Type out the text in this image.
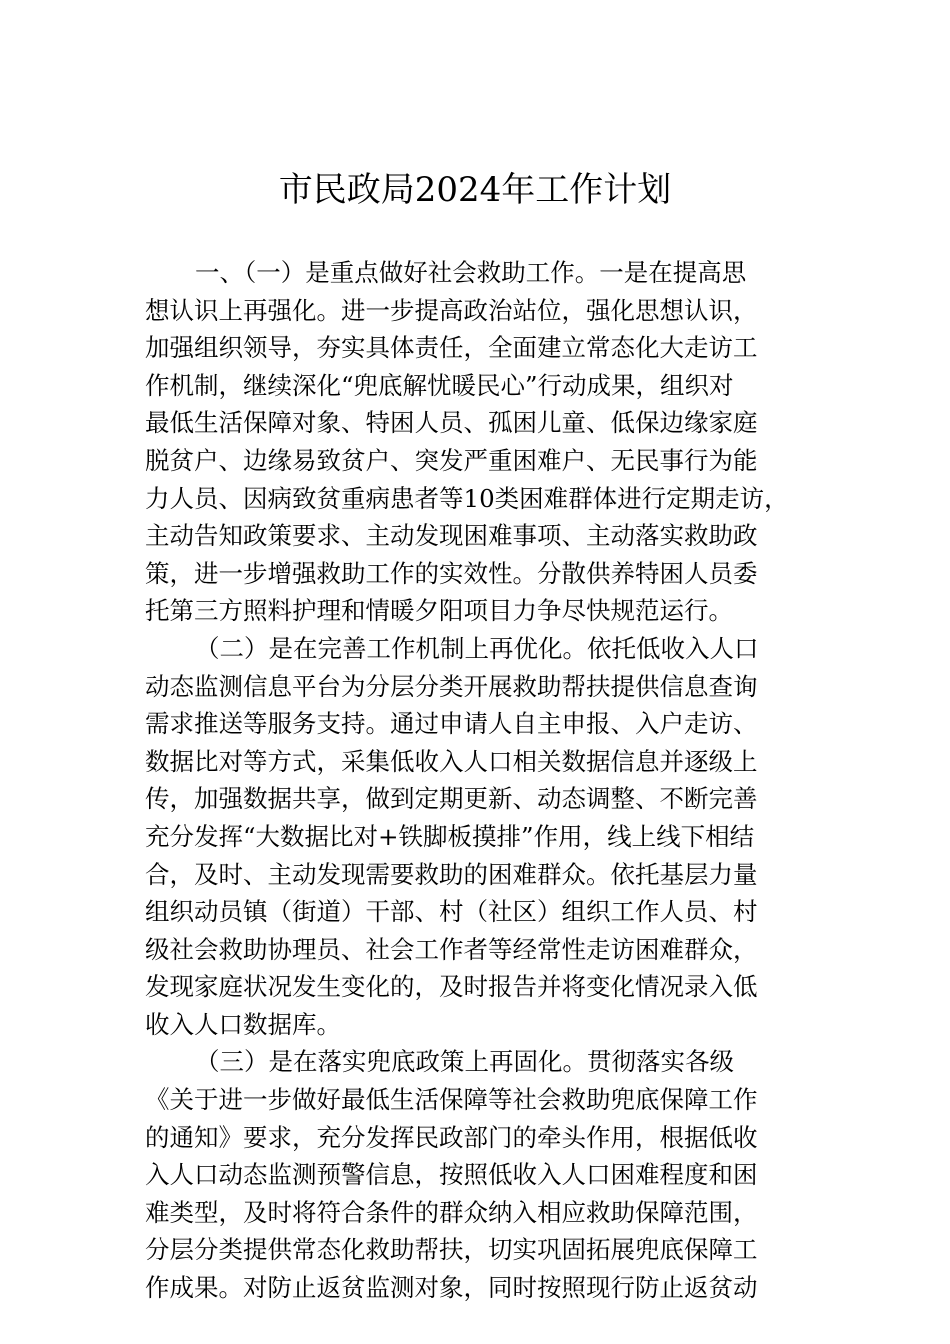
市民政局2024年工作计划
一、（一）是重点做好社会救助工作。一是在提高思
想认识上再强化。进一步提高政治站位，强化思想认识，
加强组织领导，夯实具体责任，全面建立常态化大走访工
作机制，继续深化“兜底解忧暖民心”行动成果，组织对
最低生活保障对象、特困人员、孤困儿童、低保边缘家庭
脱贫户、边缘易致贫户、突发严重困难户、无民事行为能
力人员、因病致贫重病患者等10类困难群体进行定期走访，
主动告知政策要求、主动发现困难事项、主动落实救助政
策，进一步增强救助工作的实效性。分散供养特困人员委
托第三方照料护理和情暖夕阳项目力争尽快规范运行。
（二）是在完善工作机制上再优化。依托低收入人口
动态监测信息平台为分层分类开展救助帮扶提供信息查询
需求推送等服务支持。通过申请人自主申报、入户走访、
数据比对等方式，采集低收入人口相关数据信息并逐级上
传，加强数据共享，做到定期更新、动态调整、不断完善
充分发挥“大数据比对+铁脚板摸排”作用，线上线下相结
合，及时、主动发现需要救助的困难群众。依托基层力量
组织动员镇（街道）干部、村（社区）组织工作人员、村
级社会救助协理员、社会工作者等经常性走访困难群众，
发现家庭状况发生变化的，及时报告并将变化情况录入低
收入人口数据库。
（三）是在落实兜底政策上再固化。贯彻落实各级
《关于进一步做好最低生活保障等社会救助兜底保障工作
的通知》要求，充分发挥民政部门的牵头作用，根据低收
入人口动态监测预警信息，按照低收入人口困难程度和困
难类型，及时将符合条件的群众纳入相应救助保障范围，
分层分类提供常态化救助帮扶，切实巩固拓展兜底保障工
作成果。对防止返贫监测对象，同时按照现行防止返贫动
